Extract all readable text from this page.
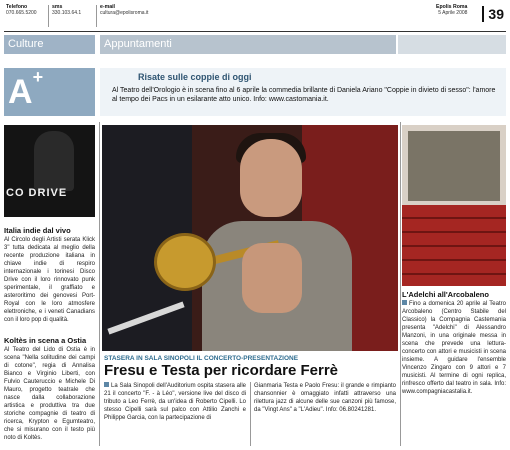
Telefono
070.665.5200
sms
330.103.64.1
e-mail
cultura@epolisroma.it
Epolis Roma
5 Aprile 2008	39
Culture	Appuntamenti
A+	Risate sulle coppie di oggi
Al Teatro dell'Orologio è in scena fino al 6 aprile la commedia brillante di Daniela Ariano "Coppie in divieto di sesso": l'amore al tempo dei Pacs in un esilarante atto unico. Info: www.castomania.it.
CO DRIVE
Italia indie dal vivo
Al Circolo degli Artisti serata Klick 3" tutta dedicata al meglio della recente produzione italiana in chiave indie di respiro internazionale i torinesi Disco Drive con il loro rinnovato punk sperimentale, il graffiato e asteroritimo dei genovesi Port-Royal con le loro atmosfere elettroniche, e i veneti Canadians con il loro pop di qualità.
Koltès in scena a Ostia
Al Teatro del Lido di Ostia è in scena "Nella solitudine dei campi di cotone", regia di Annalisa Bianco e Virginio Liberti, con Fulvio Cauteruccio e Michele Di Mauro, progetto teatrale che nasce dalla collaborazione artistica e produttiva tra due storiche compagnie di teatro di ricerca, Krypton e Egumteatro, che si misurano con il testo più noto di Koltès.
L'Adelchi all'Arcobaleno
Fino a domenica 20 aprile al Teatro Arcobaleno (Centro Stabile del Classico) la Compagnia Castemania presenta "Adelchi" di Alessandro Manzoni, in una originale messa in scena che prevede una lettura-concerto con attori e musicisti in scena insieme. A guidare l'ensemble Vincenzo Zingaro con 9 attori e 7 musicisti. Al termine di ogni replica, rinfresco offerto dal teatro in sala. Info: www.compagniacastalia.it.
STASERA IN SALA SINOPOLI IL CONCERTO-PRESENTAZIONE
Fresu e Testa per ricordare Ferrè
La Sala Sinopoli dell'Auditorium ospita stasera alle 21 il concerto "F. - à Léo", versione live del disco di tributo a Leo Ferrè, da un'idea di Roberto Cipelli. Lo stesso Cipelli sarà sul palco con Attilio Zanchi e Philippe Garcia, con la partecipazione di
Gianmaria Testa e Paolo Fresu: il grande e rimpianto chansonnier è omaggiato infatti attraverso una rilettura jazz di alcune delle sue canzoni più famose, da "Vingt Ans" a "L'Adieu". Info: 06.80241281.
